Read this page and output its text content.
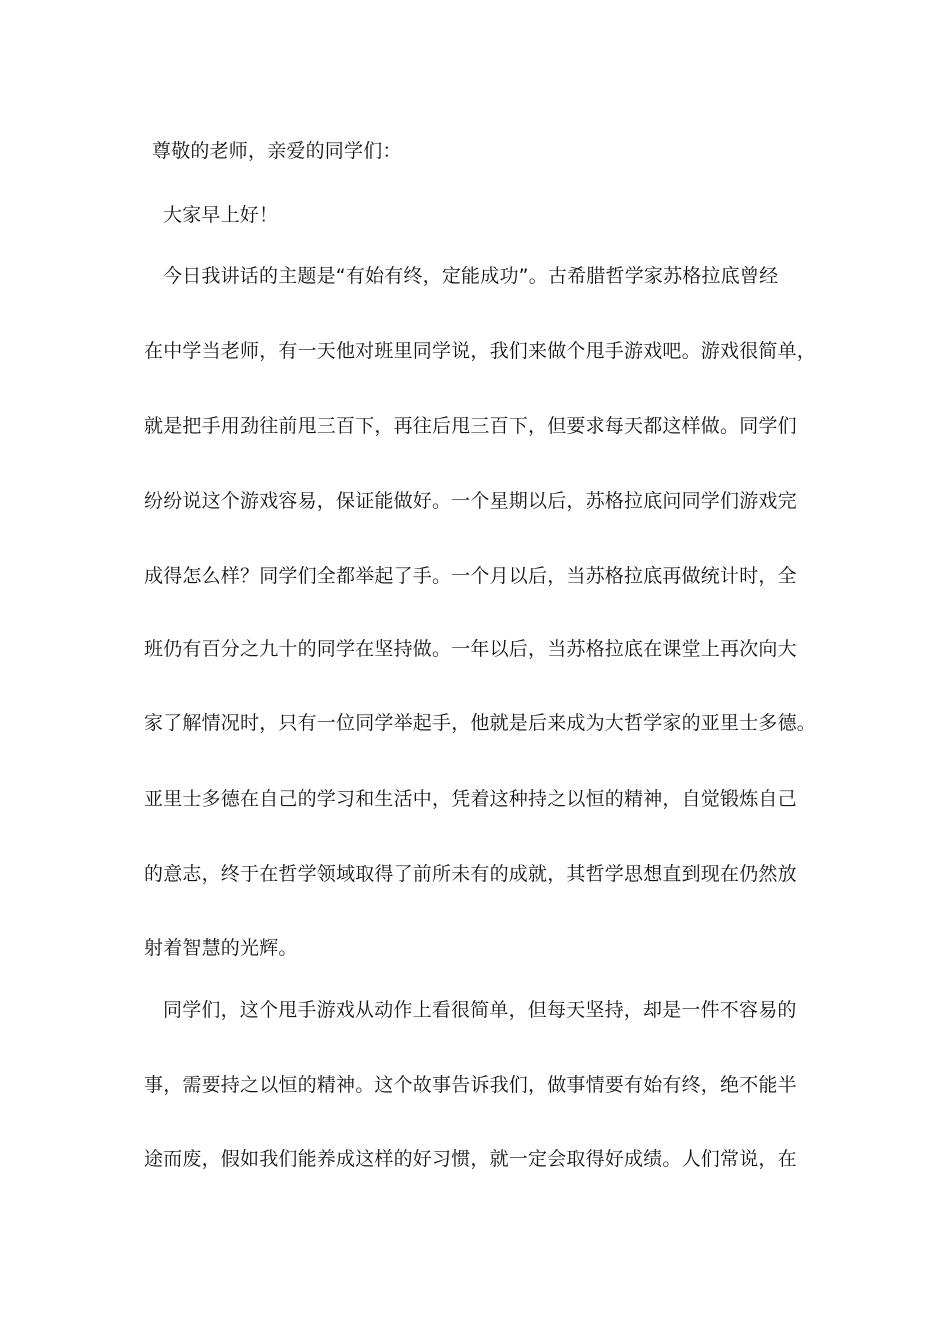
尊敬的老师，亲爱的同学们：
大家早上好！
今日我讲话的主题是“有始有终，定能成功”。古希腊哲学家苏格拉底曾经
在中学当老师，有一天他对班里同学说，我们来做个甩手游戏吧。游戏很简单，
就是把手用劲往前甩三百下，再往后甩三百下，但要求每天都这样做。同学们
纷纷说这个游戏容易，保证能做好。一个星期以后，苏格拉底问同学们游戏完
成得怎么样？同学们全都举起了手。一个月以后，当苏格拉底再做统计时，全
班仍有百分之九十的同学在坚持做。一年以后，当苏格拉底在课堂上再次向大
家了解情况时，只有一位同学举起手，他就是后来成为大哲学家的亚里士多德。
亚里士多德在自己的学习和生活中，凭着这种持之以恒的精神，自觉锻炼自己
的意志，终于在哲学领域取得了前所未有的成就，其哲学思想直到现在仍然放
射着智慧的光辉。
同学们，这个甩手游戏从动作上看很简单，但每天坚持，却是一件不容易的
事，需要持之以恒的精神。这个故事告诉我们，做事情要有始有终，绝不能半
途而废，假如我们能养成这样的好习惯，就一定会取得好成绩。人们常说，在
